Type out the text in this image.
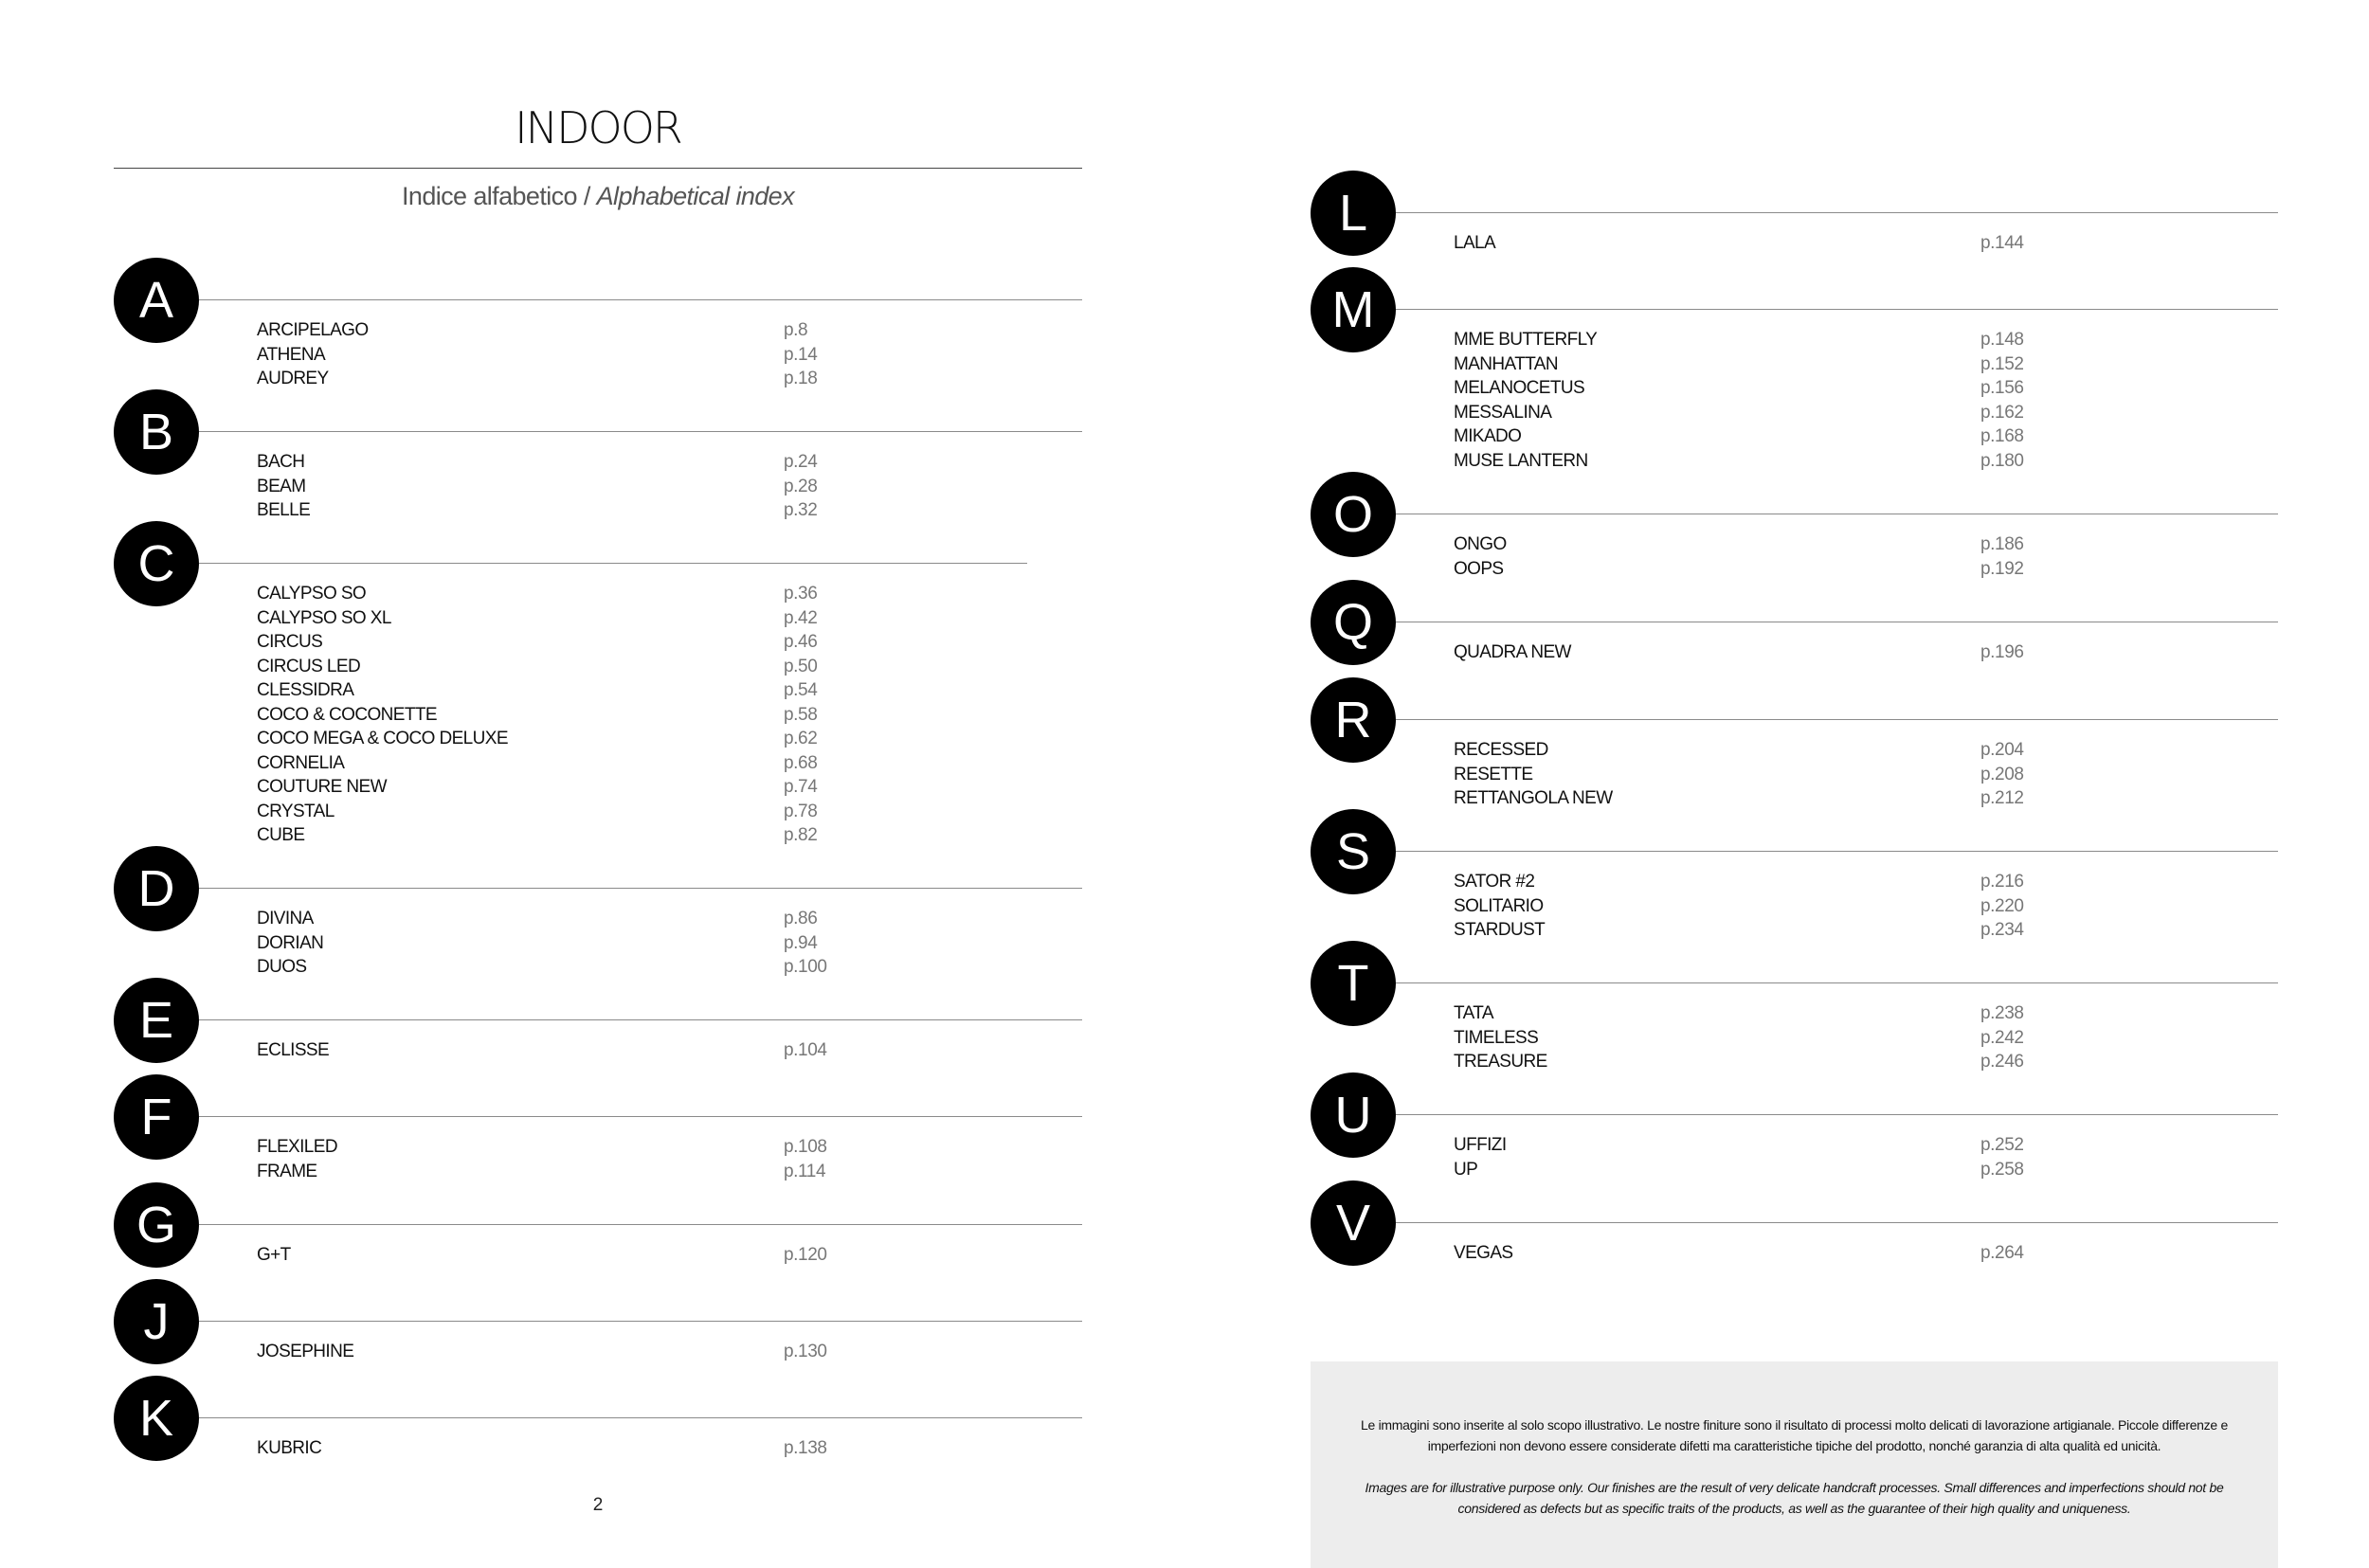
INDOOR
Indice alfabetico / Alphabetical index
A
ARCIPELAGO	p.8
ATHENA	p.14
AUDREY	p.18
B
BACH	p.24
BEAM	p.28
BELLE	p.32
C
CALYPSO SO	p.36
CALYPSO SO XL	p.42
CIRCUS	p.46
CIRCUS LED	p.50
CLESSIDRA	p.54
COCO & COCONETTE	p.58
COCO MEGA & COCO DELUXE	p.62
CORNELIA	p.68
COUTURE NEW	p.74
CRYSTAL	p.78
CUBE	p.82
D
DIVINA	p.86
DORIAN	p.94
DUOS	p.100
E
ECLISSE	p.104
F
FLEXILED	p.108
FRAME	p.114
G
G+T	p.120
J
JOSEPHINE	p.130
K
KUBRIC	p.138
2
L
LALA	p.144
M
MME BUTTERFLY	p.148
MANHATTAN	p.152
MELANOCETUS	p.156
MESSALINA	p.162
MIKADO	p.168
MUSE LANTERN	p.180
O
ONGO	p.186
OOPS	p.192
Q
QUADRA NEW	p.196
R
RECESSED	p.204
RESETTE	p.208
RETTANGOLA NEW	p.212
S
SATOR #2	p.216
SOLITARIO	p.220
STARDUST	p.234
T
TATA	p.238
TIMELESS	p.242
TREASURE	p.246
U
UFFIZI	p.252
UP	p.258
V
VEGAS	p.264

Le immagini sono inserite al solo scopo illustrativo. Le nostre finiture sono il risultato di processi molto delicati di lavorazione artigianale. Piccole differenze e imperfezioni non devono essere considerate difetti ma caratteristiche tipiche del prodotto, nonché garanzia di alta qualità ed unicità.

Images are for illustrative purpose only. Our finishes are the result of very delicate handcraft processes. Small differences and imperfections should not be considered as defects but as specific traits of the products, as well as the guarantee of their high quality and uniqueness.
